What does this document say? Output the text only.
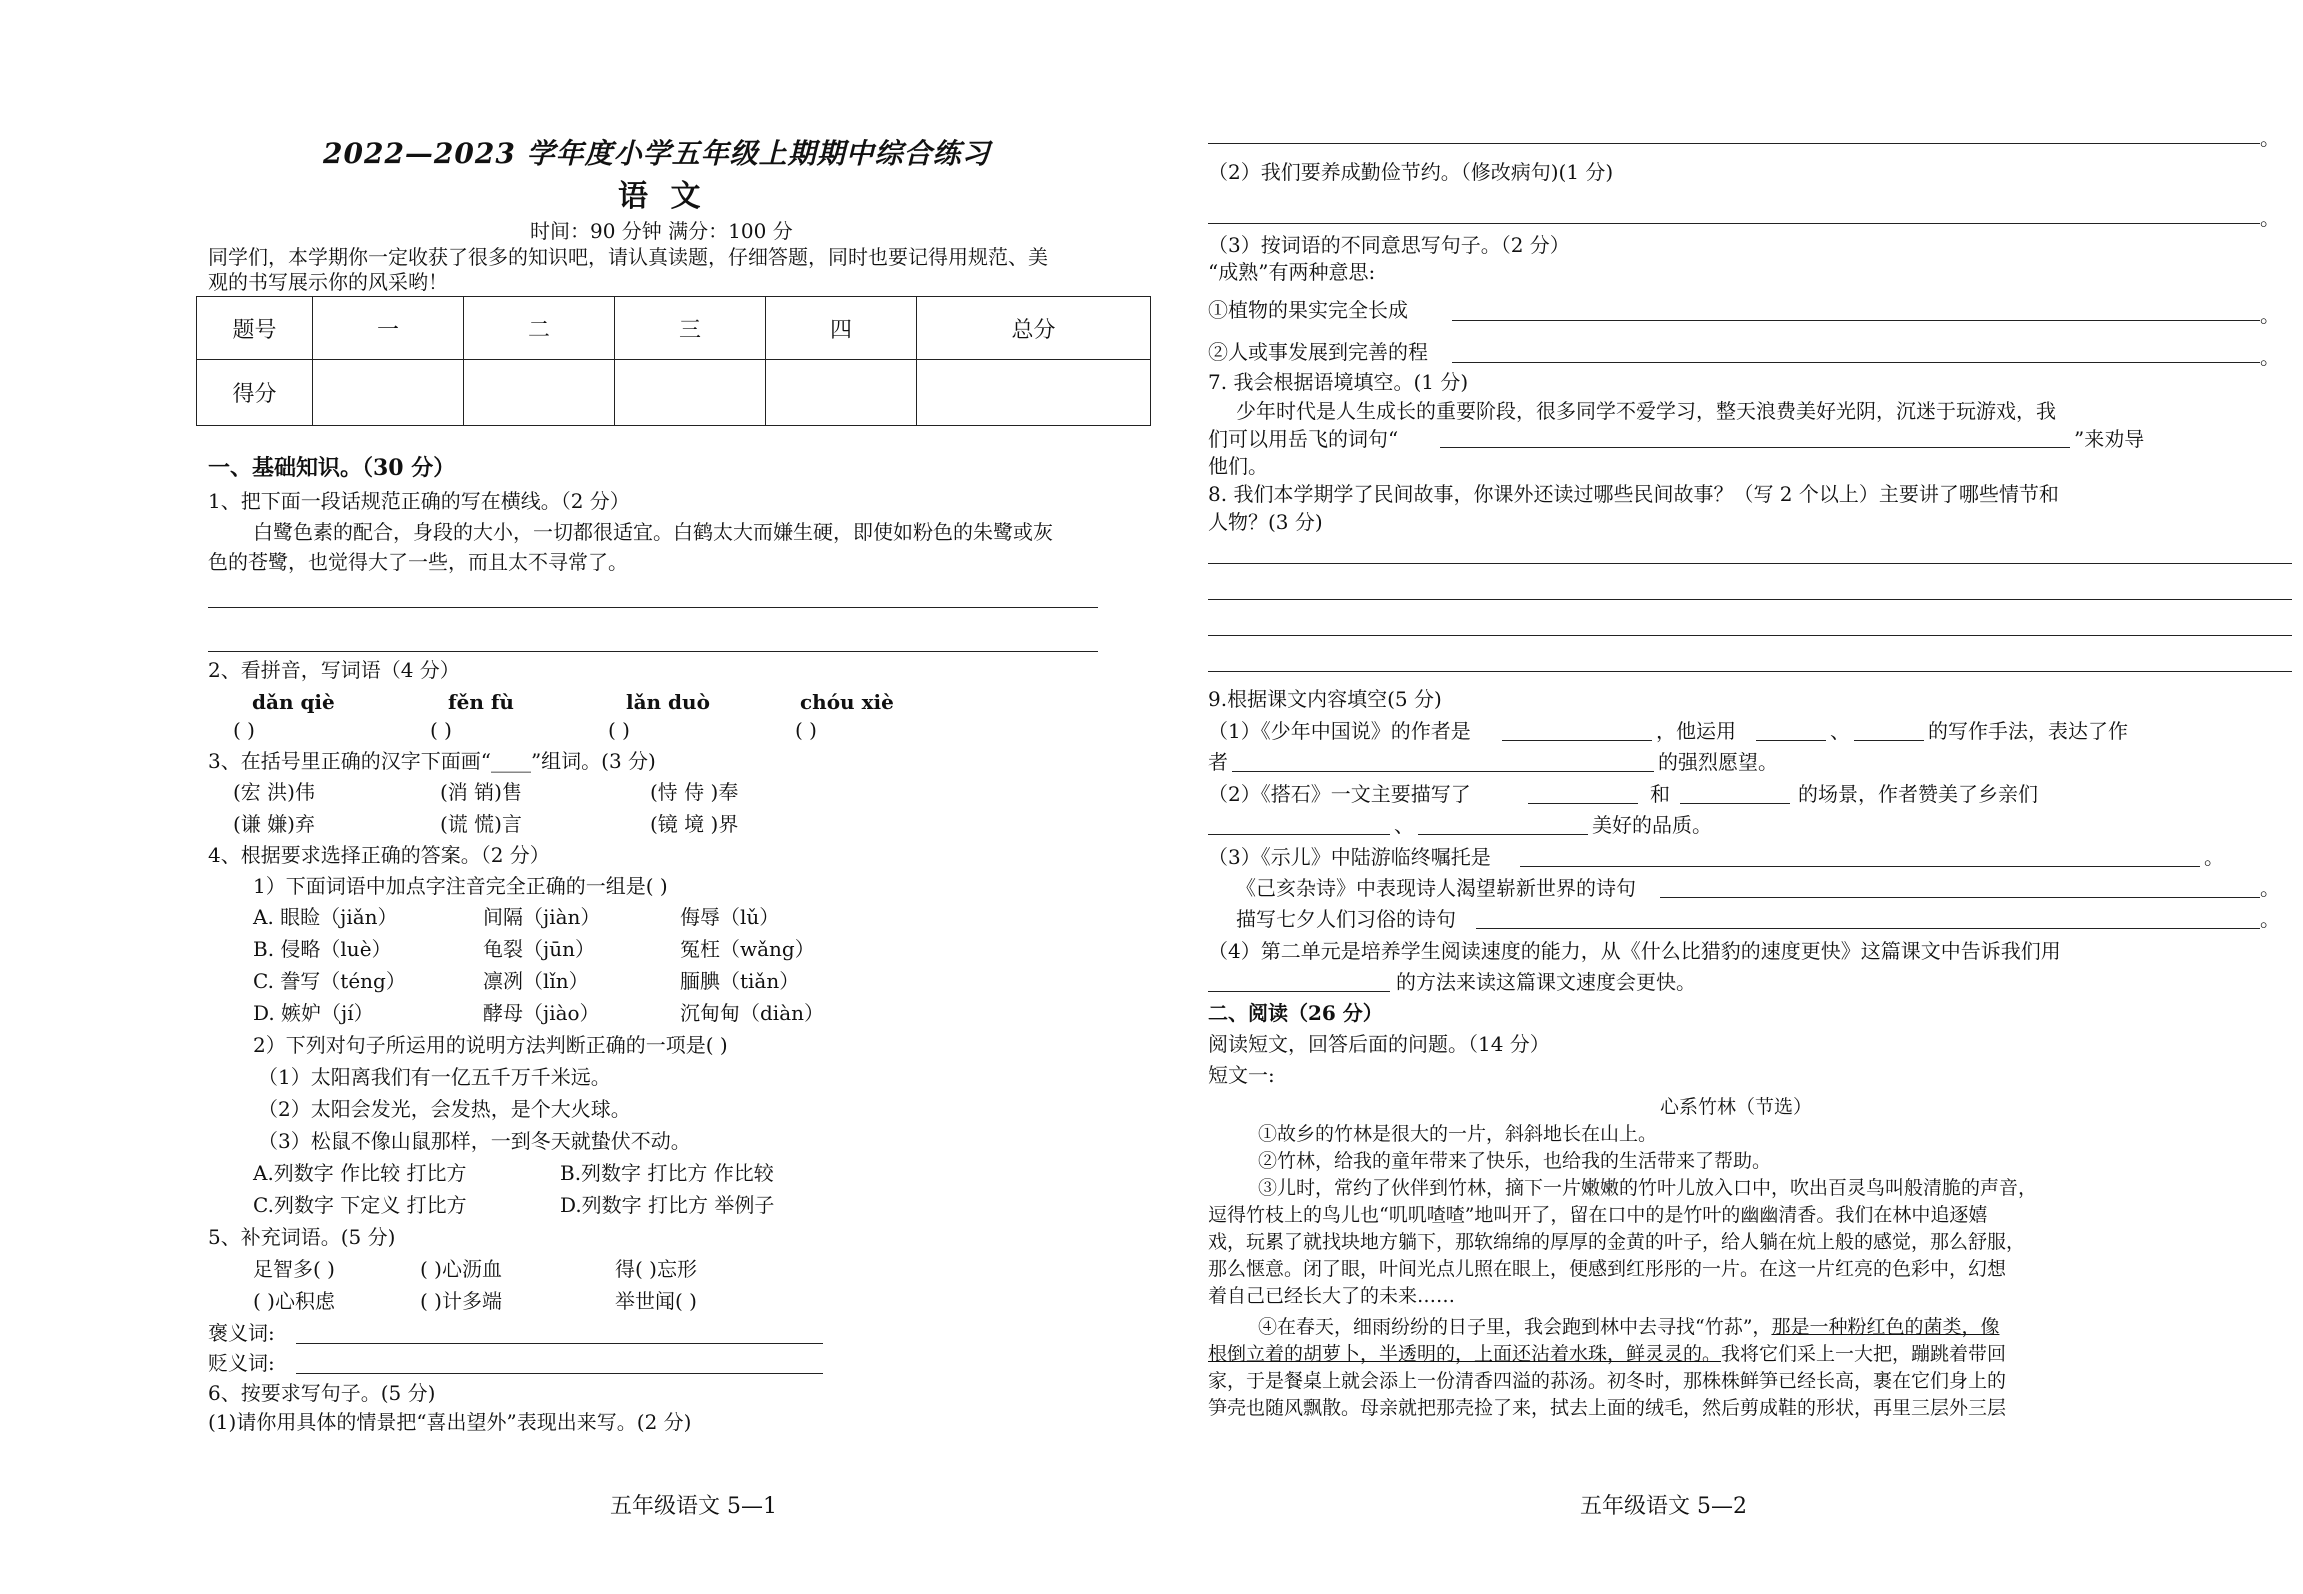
2022—2023 学年度小学五年级上期期中综合练习
语 文
时间：90 分钟 满分：100 分
同学们，本学期你一定收获了很多的知识吧，请认真读题，仔细答题，同时也要记得用规范、美
观的书写展示你的风采哟！
题号	一	二	三	四	总分
得分					
一、基础知识。（30 分）
1、把下面一段话规范正确的写在横线。（2 分）
白鹭色素的配合，身段的大小，一切都很适宜。白鹤太大而嫌生硬，即使如粉色的朱鹭或灰
色的苍鹭，也觉得大了一些，而且太不寻常了。
2、看拼音，写词语（4 分）
dǎn qiè	fěn fù	lǎn duò	chóu xiè
( )	( )	( )	( )
3、在括号里正确的汉字下面画“____”组词。(3 分)
(宏 洪)伟	(消 销)售	(恃 侍 )奉
(谦 嫌)弃	(谎 慌)言	(镜 境 )界
4、根据要求选择正确的答案。（2 分）
1）下面词语中加点字注音完全正确的一组是( )
A. 眼睑（jiǎn）	间隔（jiàn）	侮辱（lǔ）
B. 侵略（luè）	龟裂（jūn）	冤枉（wǎng）
C. 誊写（téng）	凛冽（lǐn）	腼腆（tiǎn）
D. 嫉妒（jí）	酵母（jiào）	沉甸甸（diàn）
2）下列对句子所运用的说明方法判断正确的一项是( )
（1）太阳离我们有一亿五千万千米远。
（2）太阳会发光，会发热，是个大火球。
（3）松鼠不像山鼠那样，一到冬天就蛰伏不动。
A.列数字 作比较 打比方	B.列数字 打比方 作比较
C.列数字 下定义 打比方	D.列数字 打比方 举例子
5、补充词语。(5 分)
足智多( )	( )心沥血	得( )忘形
( )心积虑	( )计多端	举世闻( )
褒义词:
贬义词:
6、按要求写句子。(5 分)
(1)请你用具体的情景把“喜出望外”表现出来写。(2 分)
五年级语文 5—1
。
（2）我们要养成勤俭节约。（修改病句)(1 分)
。
（3）按词语的不同意思写句子。（2 分）
“成熟”有两种意思:
①植物的果实完全长成	。
②人或事发展到完善的程	。
7. 我会根据语境填空。(1 分)
少年时代是人生成长的重要阶段，很多同学不爱学习，整天浪费美好光阴，沉迷于玩游戏，我
们可以用岳飞的词句“	”来劝导
他们。
8. 我们本学期学了民间故事，你课外还读过哪些民间故事？（写 2 个以上）主要讲了哪些情节和
人物？(3 分)
9.根据课文内容填空(5 分)
（1）《少年中国说》的作者是	，他运用	、	的写作手法，表达了作
者	的强烈愿望。
（2）《搭石》一文主要描写了	和	的场景，作者赞美了乡亲们
、	美好的品质。
（3）《示儿》中陆游临终嘱托是	。
《己亥杂诗》中表现诗人渴望崭新世界的诗句	。
描写七夕人们习俗的诗句	。
（4）第二单元是培养学生阅读速度的能力，从《什么比猎豹的速度更快》这篇课文中告诉我们用
的方法来读这篇课文速度会更快。
二、阅读（26 分）
阅读短文，回答后面的问题。（14 分）
短文一:
心系竹林（节选）
①故乡的竹林是很大的一片，斜斜地长在山上。
②竹林，给我的童年带来了快乐，也给我的生活带来了帮助。
③儿时，常约了伙伴到竹林，摘下一片嫩嫩的竹叶儿放入口中，吹出百灵鸟叫般清脆的声音，
逗得竹枝上的鸟儿也“叽叽喳喳”地叫开了，留在口中的是竹叶的幽幽清香。我们在林中追逐嬉
戏，玩累了就找块地方躺下，那软绵绵的厚厚的金黄的叶子，给人躺在炕上般的感觉，那么舒服，
那么惬意。闭了眼，叶间光点儿照在眼上，便感到红彤彤的一片。在这一片红亮的色彩中，幻想
着自己已经长大了的未来……
④在春天，细雨纷纷的日子里，我会跑到林中去寻找“竹荪”，那是一种粉红色的菌类，像
根倒立着的胡萝卜，半透明的，上面还沾着水珠，鲜灵灵的。我将它们采上一大把，蹦跳着带回
家，于是餐桌上就会添上一份清香四溢的荪汤。初冬时，那株株鲜笋已经长高，裹在它们身上的
笋壳也随风飘散。母亲就把那壳捡了来，拭去上面的绒毛，然后剪成鞋的形状，再里三层外三层
五年级语文 5—2
